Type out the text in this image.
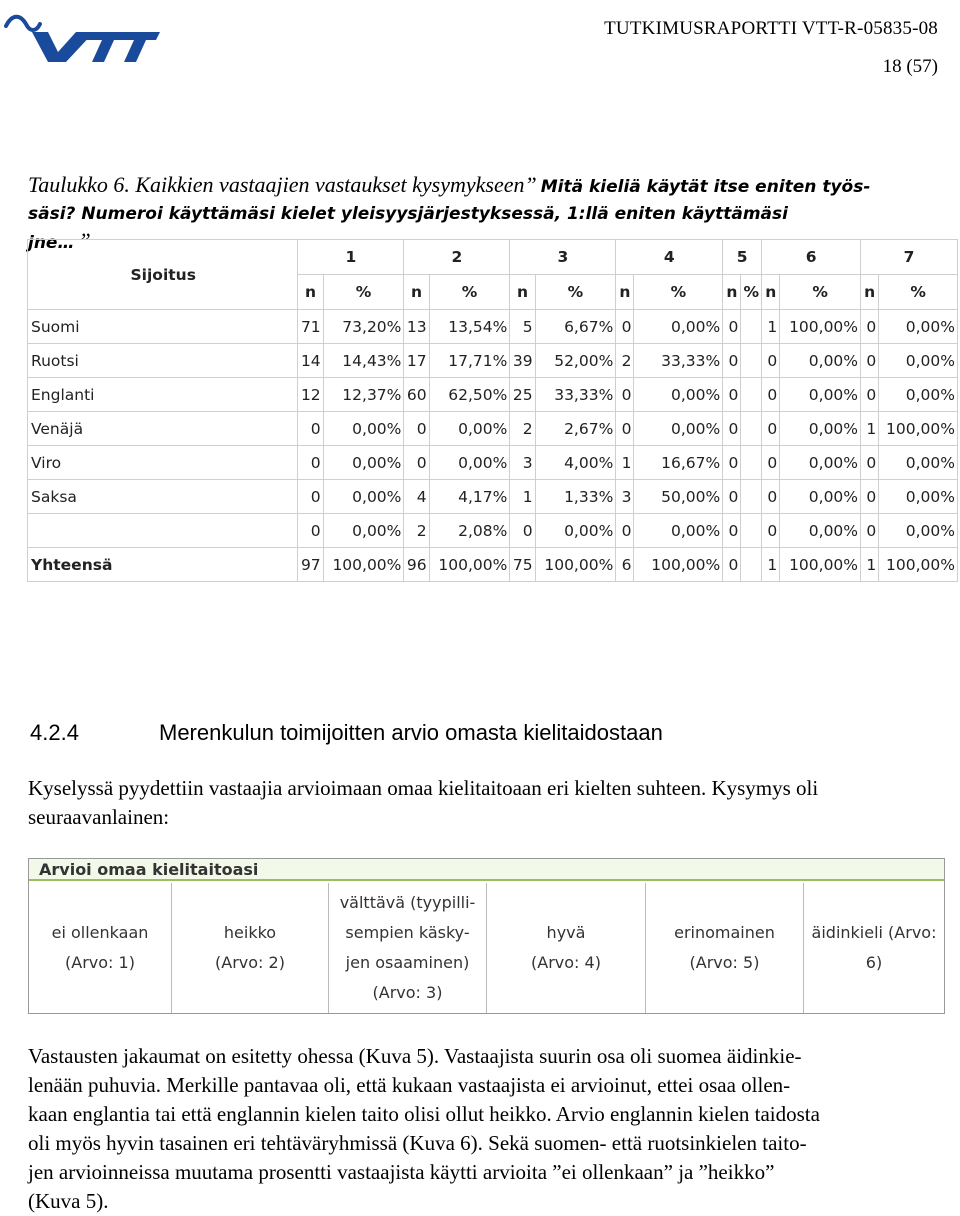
TUTKIMUSRAPORTTI VTT-R-05835-08
18 (57)
Taulukko 6. Kaikkien vastaajien vastaukset kysymykseen” Mitä kieliä käytät itse eniten työs-
säsi? Numeroi käyttämäsi kielet yleisyysjärjestyksessä, 1:llä eniten käyttämäsi
jne… ”
Sijoitus	1		2		3		4		5		6		7	
	n	%	n	%	n	%	n	%	n	%	n	%	n	%
Suomi	71	73,20%	13	13,54%	5	6,67%	0	0,00%	0		1	100,00%	0	0,00%
Ruotsi	14	14,43%	17	17,71%	39	52,00%	2	33,33%	0		0	0,00%	0	0,00%
Englanti	12	12,37%	60	62,50%	25	33,33%	0	0,00%	0		0	0,00%	0	0,00%
Venäjä	0	0,00%	0	0,00%	2	2,67%	0	0,00%	0		0	0,00%	1	100,00%
Viro	0	0,00%	0	0,00%	3	4,00%	1	16,67%	0		0	0,00%	0	0,00%
Saksa	0	0,00%	4	4,17%	1	1,33%	3	50,00%	0		0	0,00%	0	0,00%
	0	0,00%	2	2,08%	0	0,00%	0	0,00%	0		0	0,00%	0	0,00%
Yhteensä	97	100,00%	96	100,00%	75	100,00%	6	100,00%	0		1	100,00%	1	100,00%
4.2.4	Merenkulun toimijoitten arvio omasta kielitaidostaan
Kyselyssä pyydettiin vastaajia arvioimaan omaa kielitaitoaan eri kielten suhteen. Kysymys oli seuraavanlainen:
Arvioi omaa kielitaitoasi
ei ollenkaan
(Arvo: 1)
heikko
(Arvo: 2)
välttävä (tyypilli-
sempien käsky-
jen osaaminen)
(Arvo: 3)
hyvä
(Arvo: 4)
erinomainen
(Arvo: 5)
äidinkieli (Arvo:
6)
Vastausten jakaumat on esitetty ohessa (Kuva 5). Vastaajista suurin osa oli suomea äidinkie-
lenään puhuvia. Merkille pantavaa oli, että kukaan vastaajista ei arvioinut, ettei osaa ollen-
kaan englantia tai että englannin kielen taito olisi ollut heikko. Arvio englannin kielen taidosta
oli myös hyvin tasainen eri tehtäväryhmissä (Kuva 6). Sekä suomen- että ruotsinkielen taito-
jen arvioinneissa muutama prosentti vastaajista käytti arvioita ”ei ollenkaan” ja ”heikko”
(Kuva 5).
